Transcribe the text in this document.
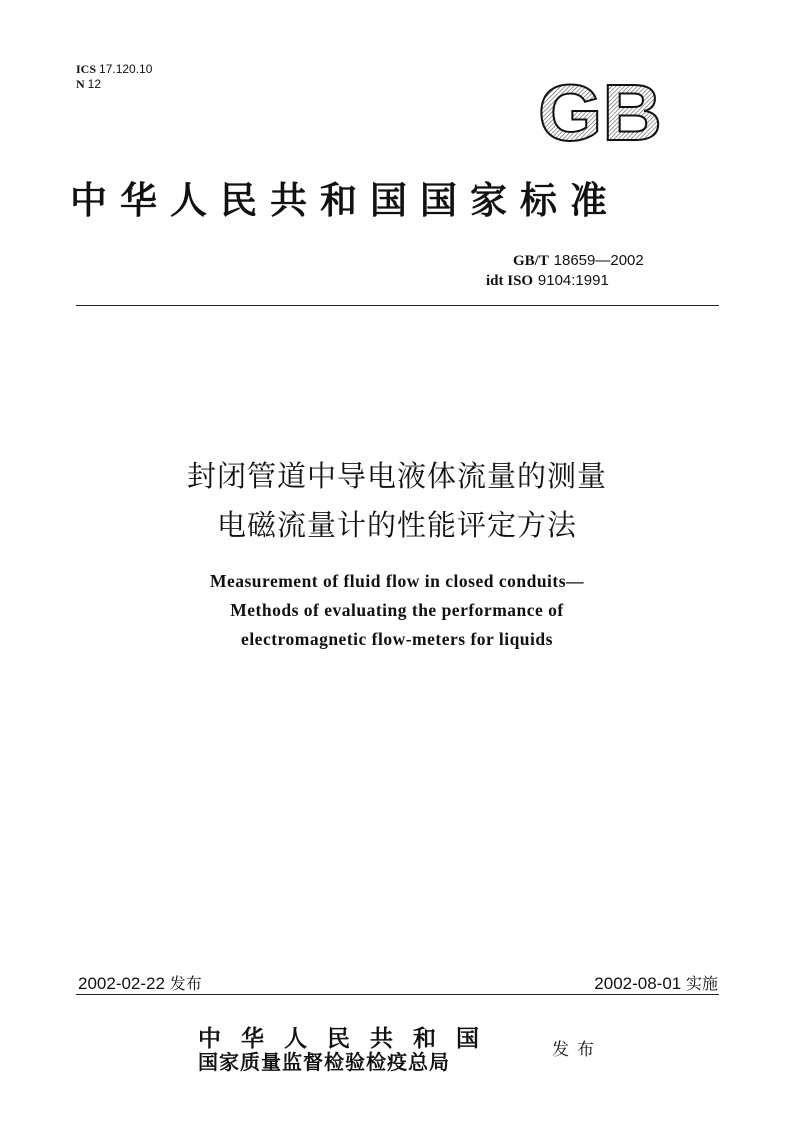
ICS 17.120.10
N 12	GB
中华人民共和国国家标准
GB/T 18659—2002
idt ISO 9104:1991
封闭管道中导电液体流量的测量
电磁流量计的性能评定方法
Measurement of fluid flow in closed conduits—
Methods of evaluating the performance of
electromagnetic flow-meters for liquids
2002-02-22 发布	2002-08-01 实施
中华人民共和国
国家质量监督检验检疫总局	发布
